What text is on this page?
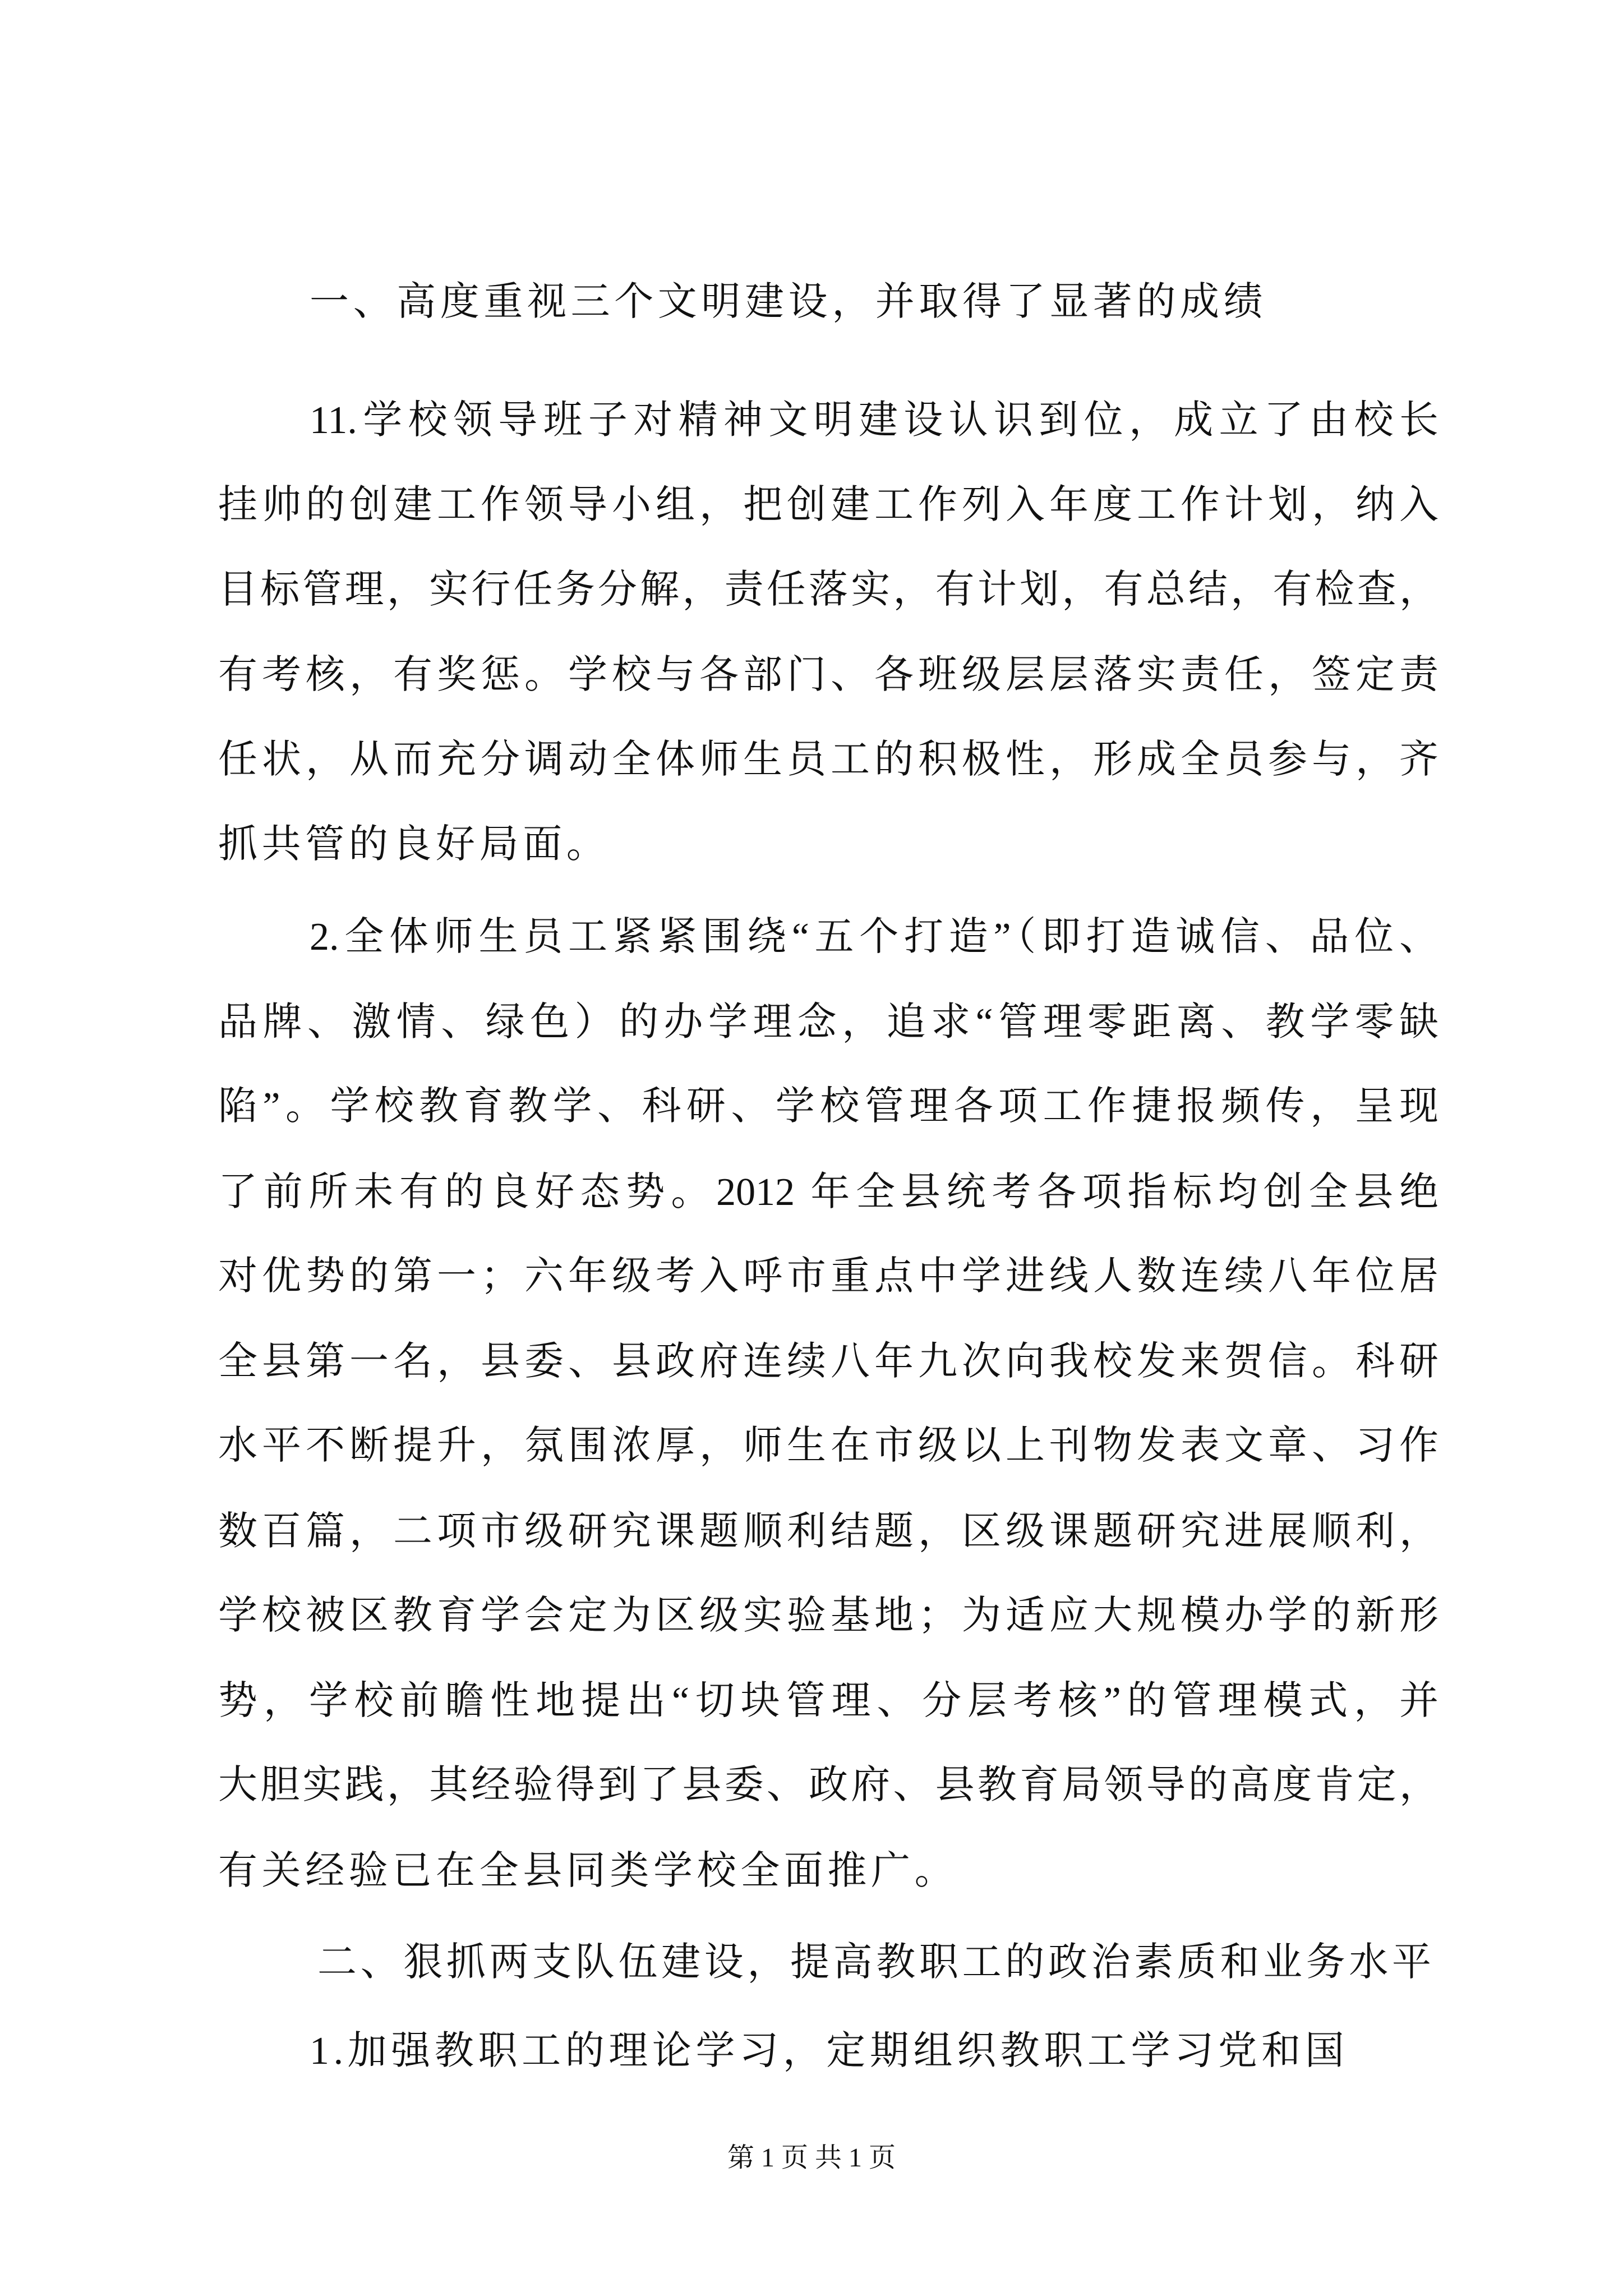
一、高度重视三个文明建设，并取得了显著的成绩
11.学校领导班子对精神文明建设认识到位，成立了由校长
挂帅的创建工作领导小组，把创建工作列入年度工作计划，纳入
目标管理，实行任务分解，责任落实，有计划，有总结，有检查，
有考核，有奖惩。学校与各部门、各班级层层落实责任，签定责
任状，从而充分调动全体师生员工的积极性，形成全员参与，齐
抓共管的良好局面。
2.全体师生员工紧紧围绕“五个打造”（即打造诚信、品位、
品牌、激情、绿色）的办学理念，追求“管理零距离、教学零缺
陷”。学校教育教学、科研、学校管理各项工作捷报频传，呈现
了前所未有的良好态势。2012 年全县统考各项指标均创全县绝
对优势的第一；六年级考入呼市重点中学进线人数连续八年位居
全县第一名，县委、县政府连续八年九次向我校发来贺信。科研
水平不断提升，氛围浓厚，师生在市级以上刊物发表文章、习作
数百篇，二项市级研究课题顺利结题，区级课题研究进展顺利，
学校被区教育学会定为区级实验基地；为适应大规模办学的新形
势，学校前瞻性地提出“切块管理、分层考核”的管理模式，并
大胆实践，其经验得到了县委、政府、县教育局领导的高度肯定，
有关经验已在全县同类学校全面推广。
二、狠抓两支队伍建设，提高教职工的政治素质和业务水平
1.加强教职工的理论学习，定期组织教职工学习党和国
第 1 页 共 1 页
